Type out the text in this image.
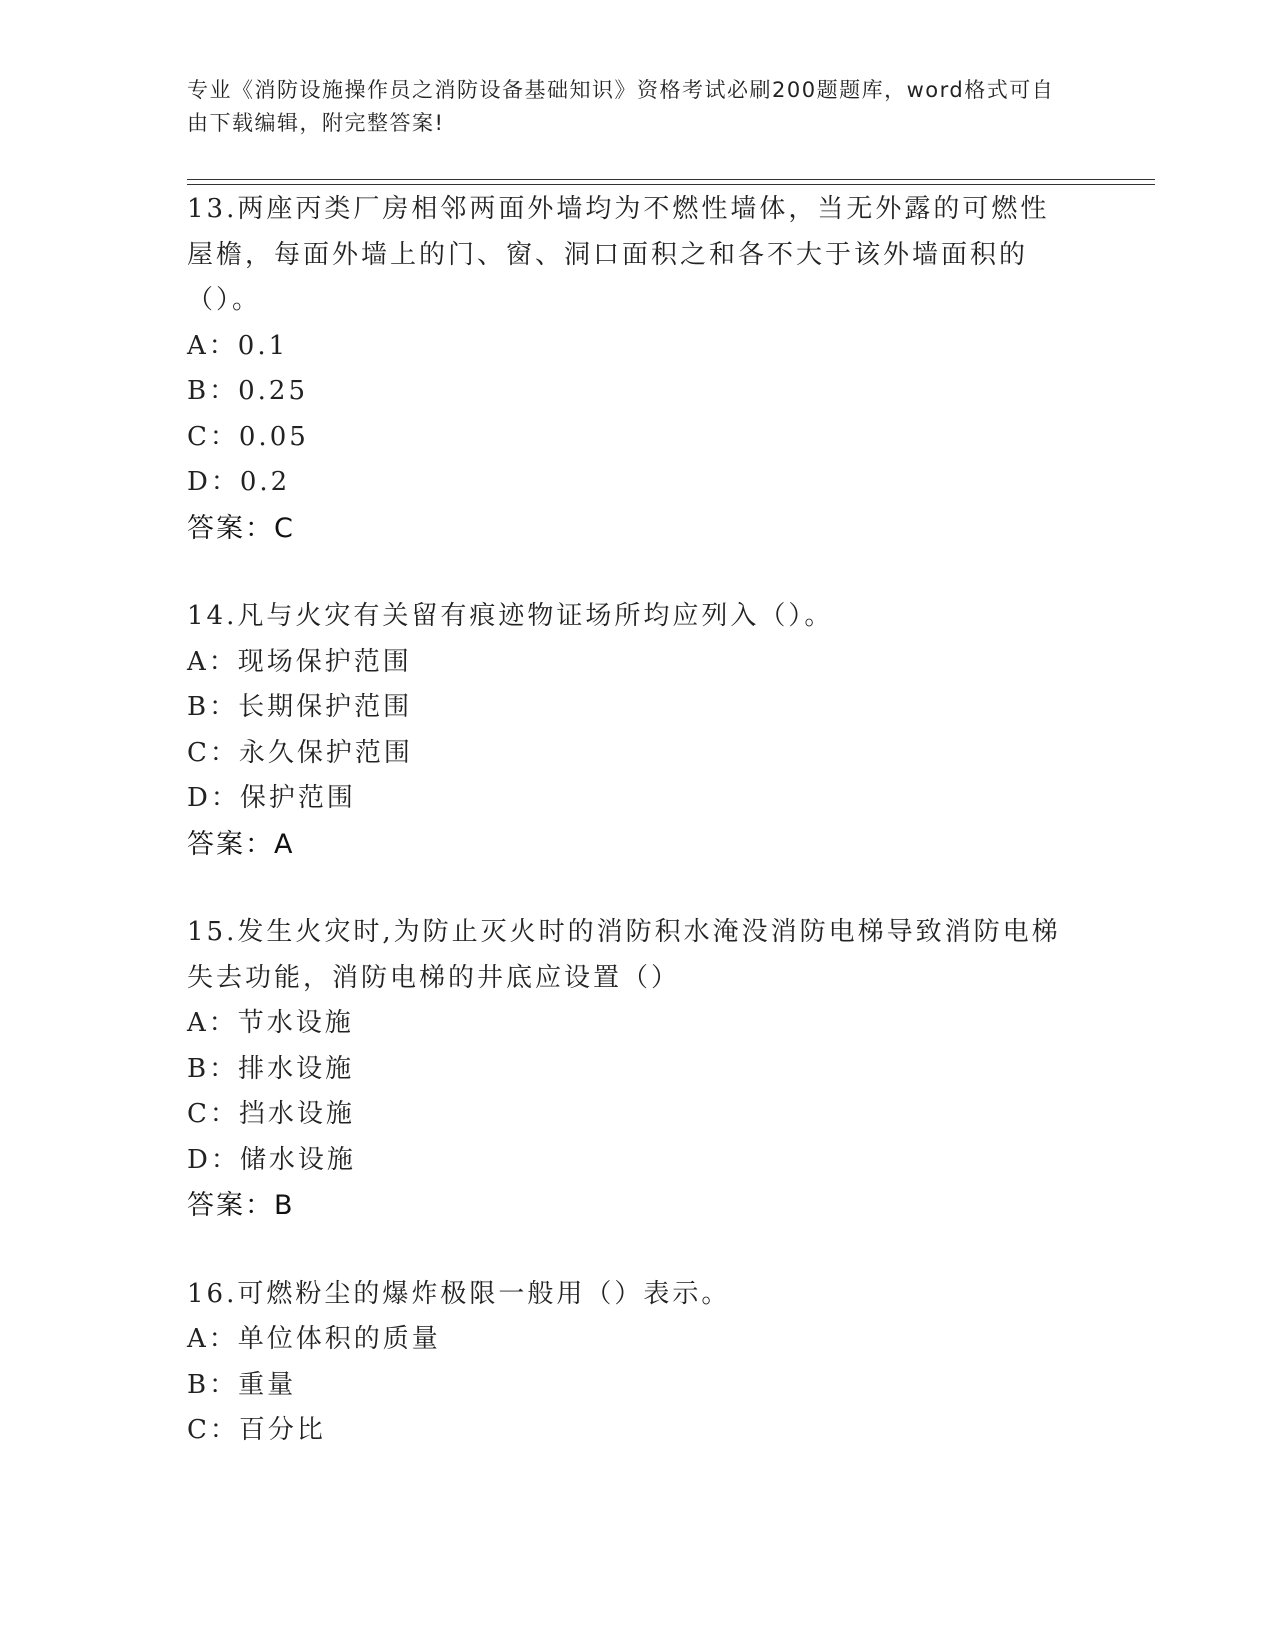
专业《消防设施操作员之消防设备基础知识》资格考试必刷200题题库，word格式可自由下载编辑，附完整答案!

13.两座丙类厂房相邻两面外墙均为不燃性墙体，当无外露的可燃性屋檐，每面外墙上的门、窗、洞口面积之和各不大于该外墙面积的（）。

A：0.1

B：0.25

C：0.05

D：0.2

答案：C

14.凡与火灾有关留有痕迹物证场所均应列入（）。

A：现场保护范围

B：长期保护范围

C：永久保护范围

D：保护范围

答案：A

15.发生火灾时,为防止灭火时的消防积水淹没消防电梯导致消防电梯失去功能，消防电梯的井底应设置（）

A：节水设施

B：排水设施

C：挡水设施

D：储水设施

答案：B

16.可燃粉尘的爆炸极限一般用（）表示。

A：单位体积的质量

B：重量

C：百分比
